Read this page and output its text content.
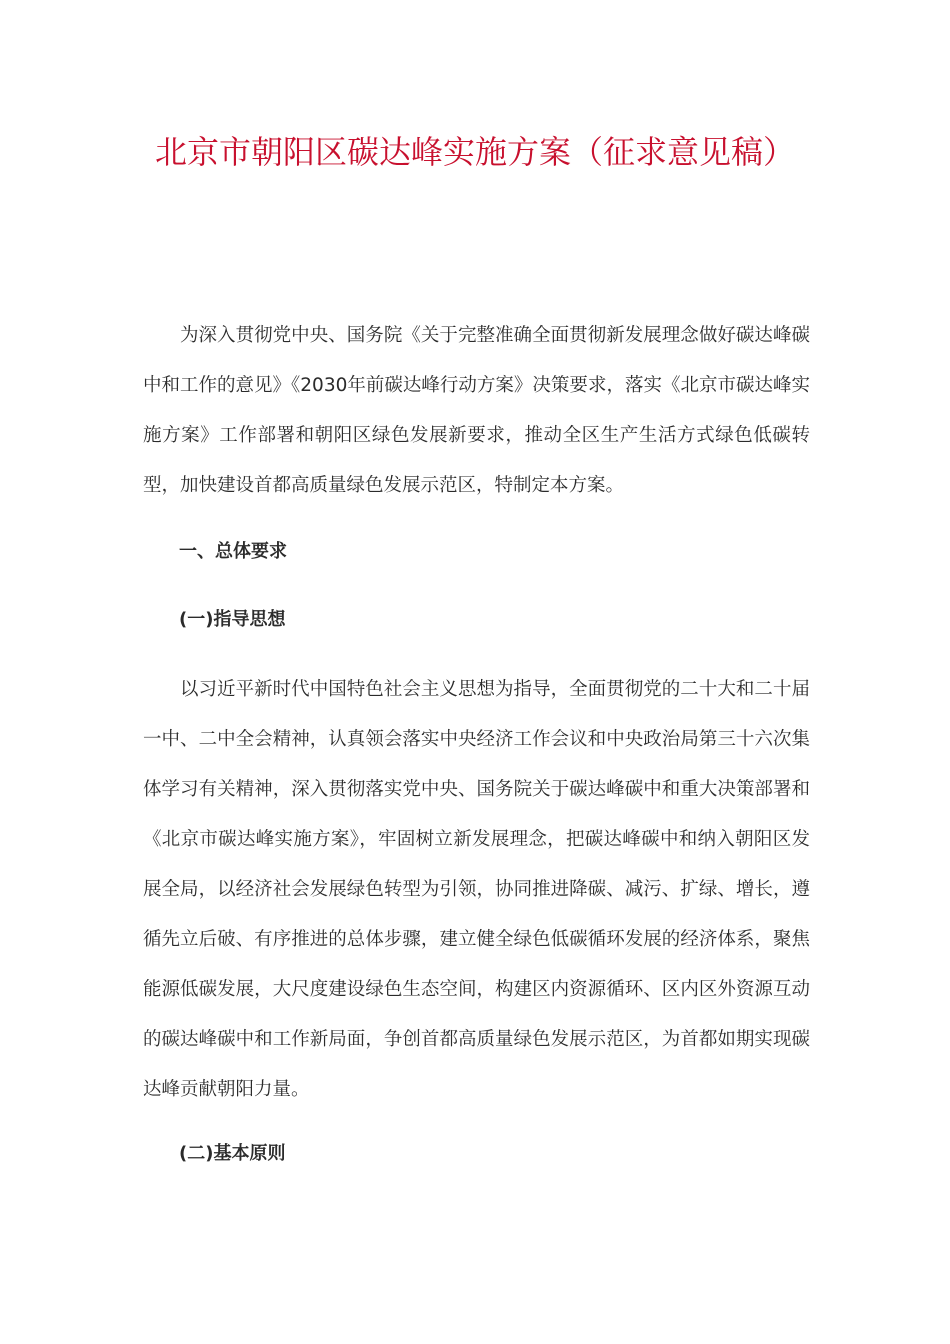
北京市朝阳区碳达峰实施方案（征求意见稿）

为深入贯彻党中央、国务院《关于完整准确全面贯彻新发展理念做好碳达峰碳中和工作的意见》《2030年前碳达峰行动方案》决策要求，落实《北京市碳达峰实施方案》工作部署和朝阳区绿色发展新要求，推动全区生产生活方式绿色低碳转型，加快建设首都高质量绿色发展示范区，特制定本方案。

一、总体要求
(一)指导思想

以习近平新时代中国特色社会主义思想为指导，全面贯彻党的二十大和二十届一中、二中全会精神，认真领会落实中央经济工作会议和中央政治局第三十六次集体学习有关精神，深入贯彻落实党中央、国务院关于碳达峰碳中和重大决策部署和《北京市碳达峰实施方案》，牢固树立新发展理念，把碳达峰碳中和纳入朝阳区发展全局，以经济社会发展绿色转型为引领，协同推进降碳、减污、扩绿、增长，遵循先立后破、有序推进的总体步骤，建立健全绿色低碳循环发展的经济体系，聚焦能源低碳发展，大尺度建设绿色生态空间，构建区内资源循环、区内区外资源互动的碳达峰碳中和工作新局面，争创首都高质量绿色发展示范区，为首都如期实现碳达峰贡献朝阳力量。

(二)基本原则
